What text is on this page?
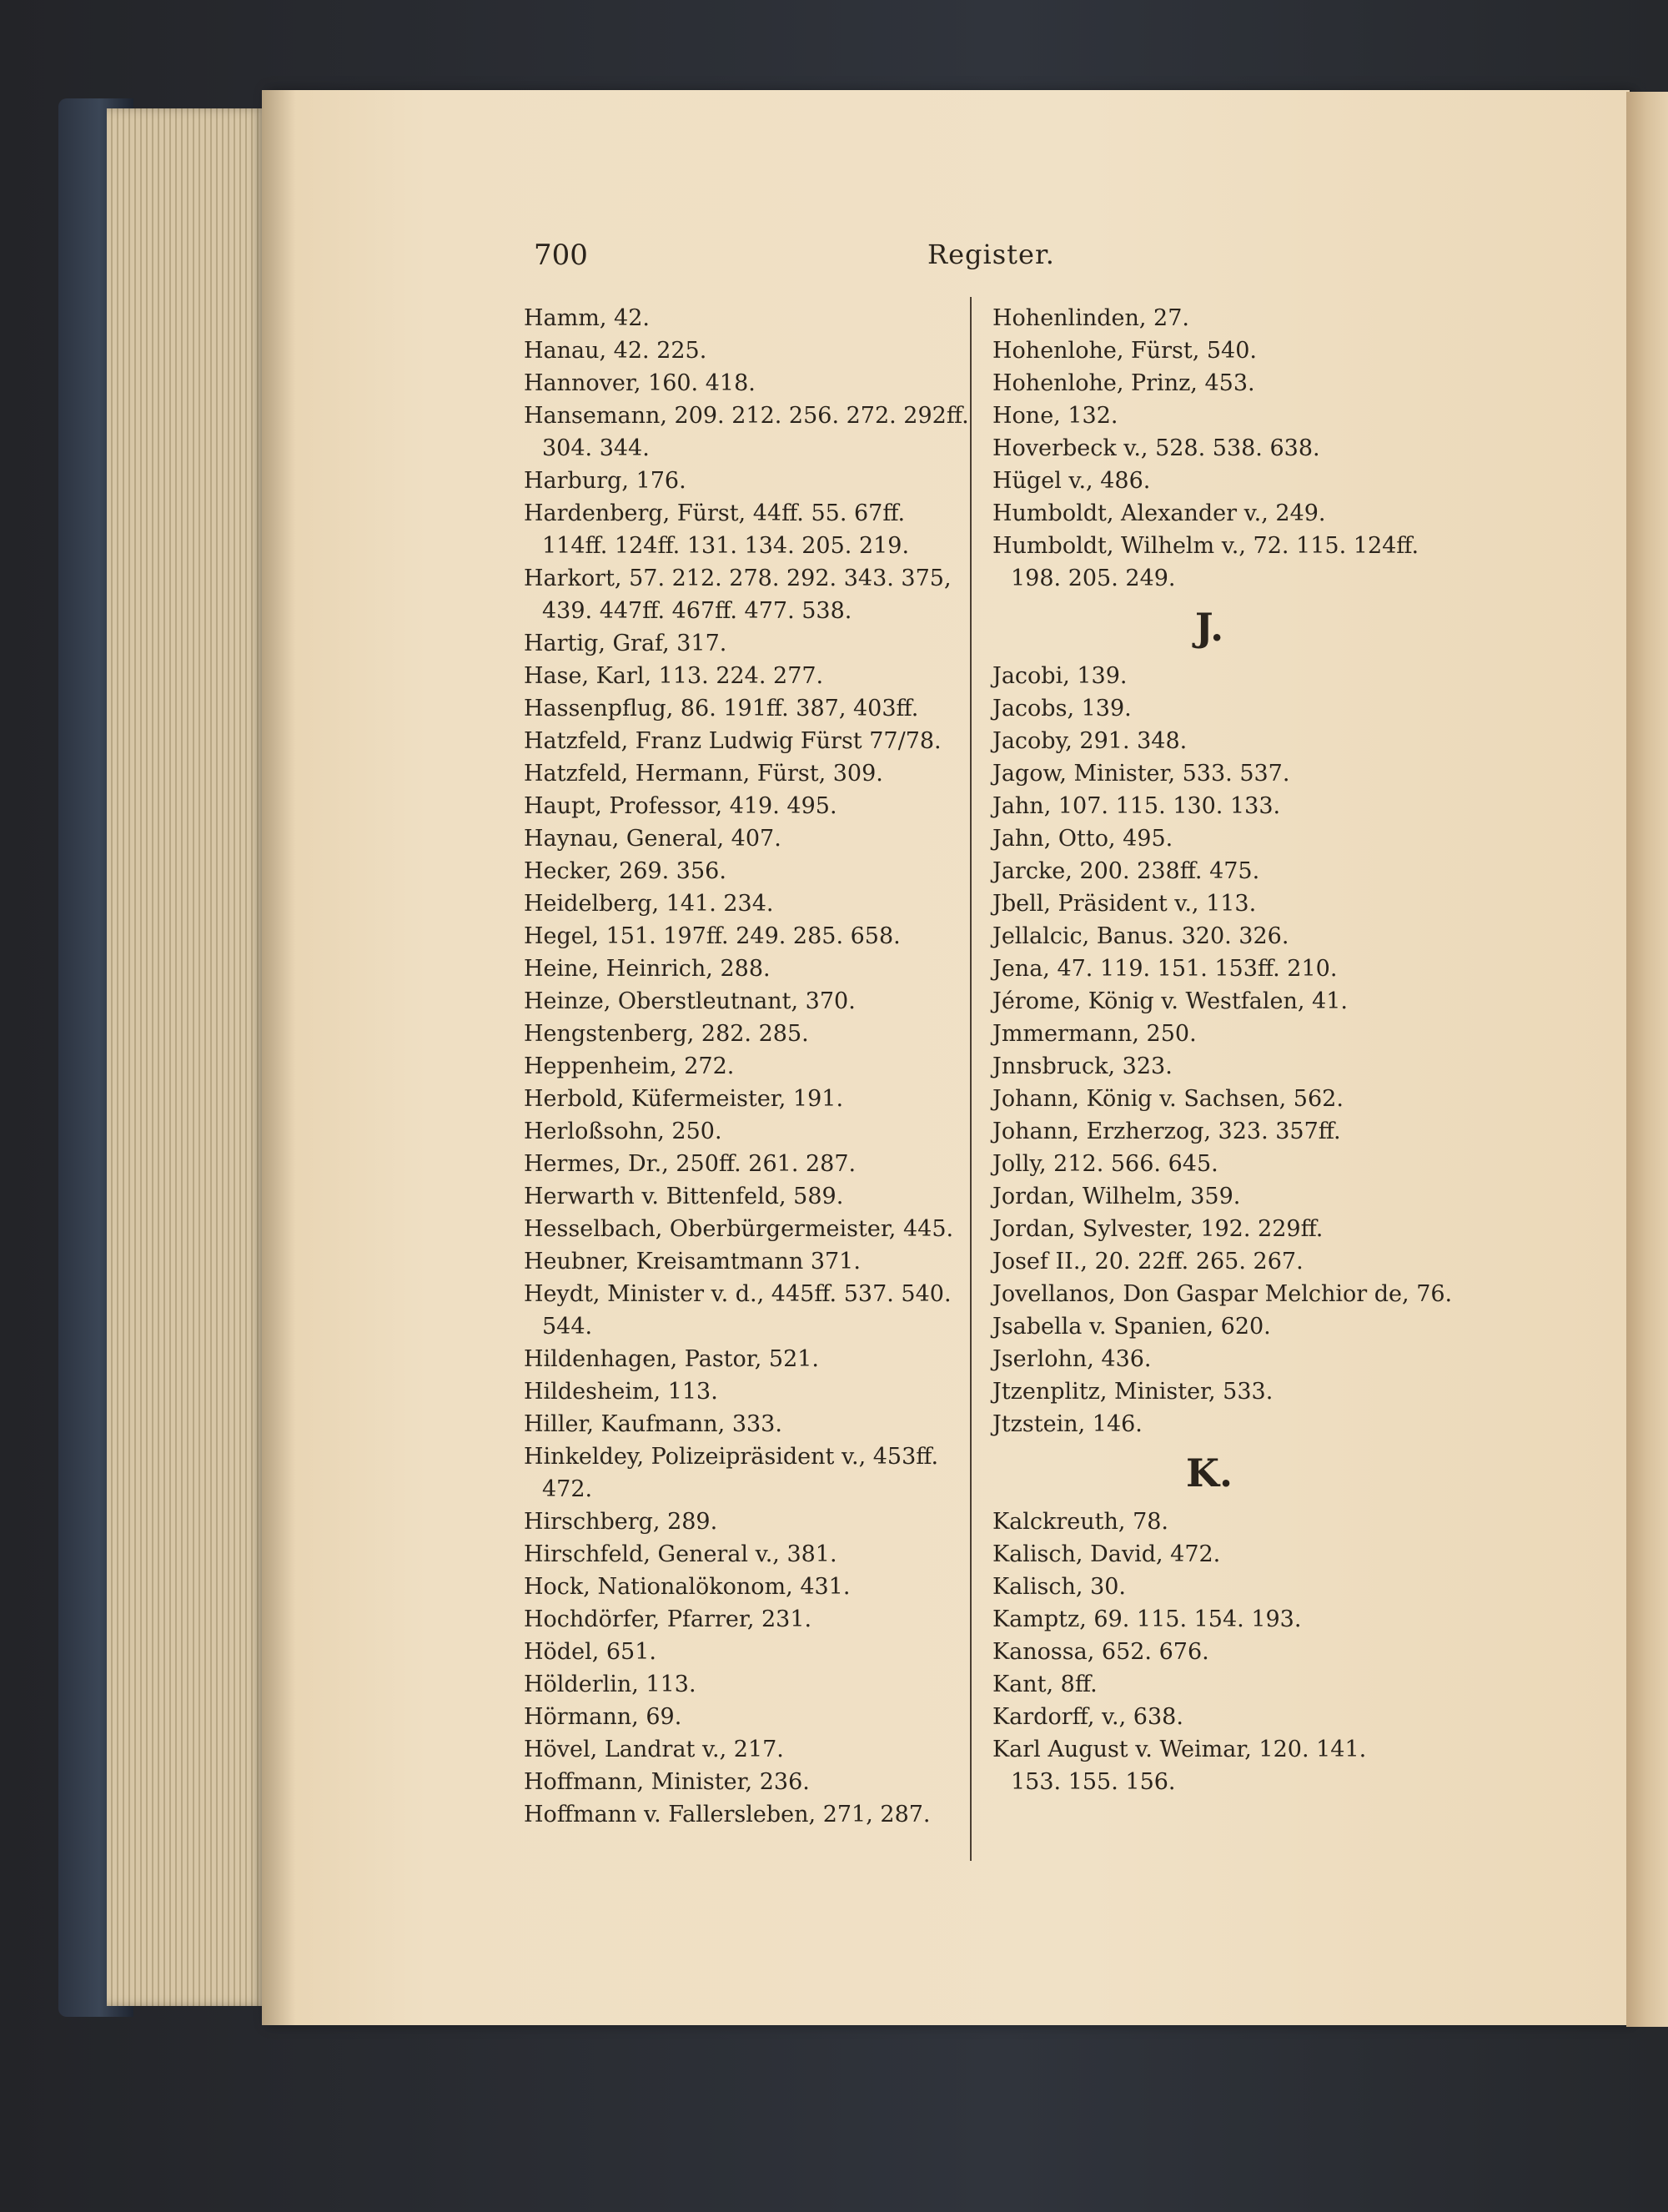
700	Register.
Hamm, 42.
Hanau, 42. 225.
Hannover, 160. 418.
Hansemann, 209. 212. 256. 272. 292ff.
304. 344.
Harburg, 176.
Hardenberg, Fürst, 44ff. 55. 67ff.
114ff. 124ff. 131. 134. 205. 219.
Harkort, 57. 212. 278. 292. 343. 375,
439. 447ff. 467ff. 477. 538.
Hartig, Graf, 317.
Hase, Karl, 113. 224. 277.
Hassenpflug, 86. 191ff. 387, 403ff.
Hatzfeld, Franz Ludwig Fürst 77/78.
Hatzfeld, Hermann, Fürst, 309.
Haupt, Professor, 419. 495.
Haynau, General, 407.
Hecker, 269. 356.
Heidelberg, 141. 234.
Hegel, 151. 197ff. 249. 285. 658.
Heine, Heinrich, 288.
Heinze, Oberstleutnant, 370.
Hengstenberg, 282. 285.
Heppenheim, 272.
Herbold, Küfermeister, 191.
Herloßsohn, 250.
Hermes, Dr., 250ff. 261. 287.
Herwarth v. Bittenfeld, 589.
Hesselbach, Oberbürgermeister, 445.
Heubner, Kreisamtmann 371.
Heydt, Minister v. d., 445ff. 537. 540.
544.
Hildenhagen, Pastor, 521.
Hildesheim, 113.
Hiller, Kaufmann, 333.
Hinkeldey, Polizeipräsident v., 453ff.
472.
Hirschberg, 289.
Hirschfeld, General v., 381.
Hock, Nationalökonom, 431.
Hochdörfer, Pfarrer, 231.
Hödel, 651.
Hölderlin, 113.
Hörmann, 69.
Hövel, Landrat v., 217.
Hoffmann, Minister, 236.
Hoffmann v. Fallersleben, 271, 287.
Hohenlinden, 27.
Hohenlohe, Fürst, 540.
Hohenlohe, Prinz, 453.
Hone, 132.
Hoverbeck v., 528. 538. 638.
Hügel v., 486.
Humboldt, Alexander v., 249.
Humboldt, Wilhelm v., 72. 115. 124ff.
198. 205. 249.
J.
Jacobi, 139.
Jacobs, 139.
Jacoby, 291. 348.
Jagow, Minister, 533. 537.
Jahn, 107. 115. 130. 133.
Jahn, Otto, 495.
Jarcke, 200. 238ff. 475.
Jbell, Präsident v., 113.
Jellalcic, Banus. 320. 326.
Jena, 47. 119. 151. 153ff. 210.
Jérome, König v. Westfalen, 41.
Jmmermann, 250.
Jnnsbruck, 323.
Johann, König v. Sachsen, 562.
Johann, Erzherzog, 323. 357ff.
Jolly, 212. 566. 645.
Jordan, Wilhelm, 359.
Jordan, Sylvester, 192. 229ff.
Josef II., 20. 22ff. 265. 267.
Jovellanos, Don Gaspar Melchior de, 76.
Jsabella v. Spanien, 620.
Jserlohn, 436.
Jtzenplitz, Minister, 533.
Jtzstein, 146.
K.
Kalckreuth, 78.
Kalisch, David, 472.
Kalisch, 30.
Kamptz, 69. 115. 154. 193.
Kanossa, 652. 676.
Kant, 8ff.
Kardorff, v., 638.
Karl August v. Weimar, 120. 141.
153. 155. 156.
